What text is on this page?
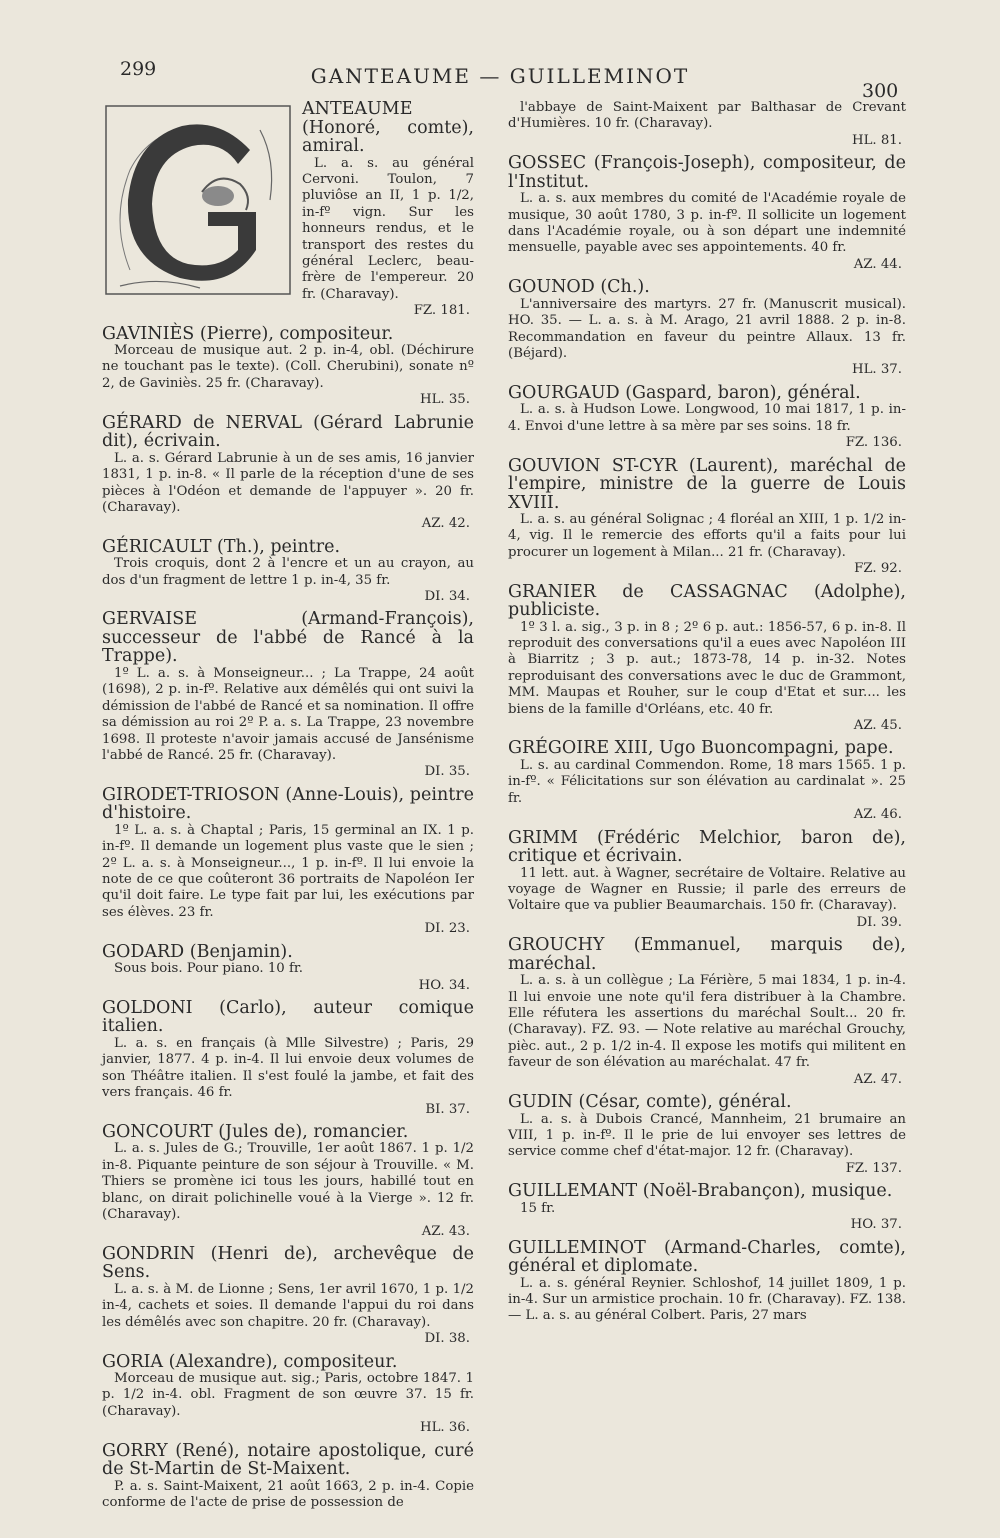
299	GANTEAUME — GUILLEMINOT
300
ANTEAUME (Honoré, comte), amiral.
L. a. s. au général Cervoni. Toulon, 7 pluviôse an II, 1 p. 1/2, in-fº vign. Sur les honneurs rendus, et le transport des restes du général Leclerc, beau-frère de l'empereur. 20 fr. (Charavay).
FZ. 181.
GAVINIÈS (Pierre), compositeur.
Morceau de musique aut. 2 p. in-4, obl. (Déchirure ne touchant pas le texte). (Coll. Cherubini), sonate nº 2, de Gaviniès. 25 fr. (Charavay).
HL. 35.
GÉRARD de NERVAL (Gérard Labrunie dit), écrivain.
L. a. s. Gérard Labrunie à un de ses amis, 16 janvier 1831, 1 p. in-8. « Il parle de la réception d'une de ses pièces à l'Odéon et demande de l'appuyer ». 20 fr. (Charavay).
AZ. 42.
GÉRICAULT (Th.), peintre.
Trois croquis, dont 2 à l'encre et un au crayon, au dos d'un fragment de lettre 1 p. in-4, 35 fr.
DI. 34.
GERVAISE (Armand-François), successeur de l'abbé de Rancé à la Trappe).
1º L. a. s. à Monseigneur... ; La Trappe, 24 août (1698), 2 p. in-fº. Relative aux démêlés qui ont suivi la démission de l'abbé de Rancé et sa nomination. Il offre sa démission au roi 2º P. a. s. La Trappe, 23 novembre 1698. Il proteste n'avoir jamais accusé de Jansénisme l'abbé de Rancé. 25 fr. (Charavay).
DI. 35.
GIRODET-TRIOSON (Anne-Louis), peintre d'histoire.
1º L. a. s. à Chaptal ; Paris, 15 germinal an IX. 1 p. in-fº. Il demande un logement plus vaste que le sien ; 2º L. a. s. à Monseigneur..., 1 p. in-fº. Il lui envoie la note de ce que coûteront 36 portraits de Napoléon Ier qu'il doit faire. Le type fait par lui, les exécutions par ses élèves. 23 fr.
DI. 23.
GODARD (Benjamin).
Sous bois. Pour piano. 10 fr.
HO. 34.
GOLDONI (Carlo), auteur comique italien.
L. a. s. en français (à Mlle Silvestre) ; Paris, 29 janvier, 1877. 4 p. in-4. Il lui envoie deux volumes de son Théâtre italien. Il s'est foulé la jambe, et fait des vers français. 46 fr.
BI. 37.
GONCOURT (Jules de), romancier.
L. a. s. Jules de G.; Trouville, 1er août 1867. 1 p. 1/2 in-8. Piquante peinture de son séjour à Trouville. « M. Thiers se promène ici tous les jours, habillé tout en blanc, on dirait polichinelle voué à la Vierge ». 12 fr. (Charavay).
AZ. 43.
GONDRIN (Henri de), archevêque de Sens.
L. a. s. à M. de Lionne ; Sens, 1er avril 1670, 1 p. 1/2 in-4, cachets et soies. Il demande l'appui du roi dans les démêlés avec son chapitre. 20 fr. (Charavay).
DI. 38.
GORIA (Alexandre), compositeur.
Morceau de musique aut. sig.; Paris, octobre 1847. 1 p. 1/2 in-4. obl. Fragment de son œuvre 37. 15 fr. (Charavay).
HL. 36.
GORRY (René), notaire apostolique, curé de St-Martin de St-Maixent.
P. a. s. Saint-Maixent, 21 août 1663, 2 p. in-4. Copie conforme de l'acte de prise de possession de
l'abbaye de Saint-Maixent par Balthasar de Crevant d'Humières. 10 fr. (Charavay).
HL. 81.
GOSSEC (François-Joseph), compositeur, de l'Institut.
L. a. s. aux membres du comité de l'Académie royale de musique, 30 août 1780, 3 p. in-fº. Il sollicite un logement dans l'Académie royale, ou à son départ une indemnité mensuelle, payable avec ses appointements. 40 fr.
AZ. 44.
GOUNOD (Ch.).
L'anniversaire des martyrs. 27 fr. (Manuscrit musical). HO. 35. — L. a. s. à M. Arago, 21 avril 1888. 2 p. in-8. Recommandation en faveur du peintre Allaux. 13 fr. (Béjard).
HL. 37.
GOURGAUD (Gaspard, baron), général.
L. a. s. à Hudson Lowe. Longwood, 10 mai 1817, 1 p. in-4. Envoi d'une lettre à sa mère par ses soins. 18 fr.
FZ. 136.
GOUVION ST-CYR (Laurent), maréchal de l'empire, ministre de la guerre de Louis XVIII.
L. a. s. au général Solignac ; 4 floréal an XIII, 1 p. 1/2 in-4, vig. Il le remercie des efforts qu'il a faits pour lui procurer un logement à Milan... 21 fr. (Charavay).
FZ. 92.
GRANIER de CASSAGNAC (Adolphe), publiciste.
1º 3 l. a. sig., 3 p. in 8 ; 2º 6 p. aut.: 1856-57, 6 p. in-8. Il reproduit des conversations qu'il a eues avec Napoléon III à Biarritz ; 3 p. aut.; 1873-78, 14 p. in-32. Notes reproduisant des conversations avec le duc de Grammont, MM. Maupas et Rouher, sur le coup d'Etat et sur.... les biens de la famille d'Orléans, etc. 40 fr.
AZ. 45.
GRÉGOIRE XIII, Ugo Buoncompagni, pape.
L. s. au cardinal Commendon. Rome, 18 mars 1565. 1 p. in-fº. « Félicitations sur son élévation au cardinalat ». 25 fr.
AZ. 46.
GRIMM (Frédéric Melchior, baron de), critique et écrivain.
11 lett. aut. à Wagner, secrétaire de Voltaire. Relative au voyage de Wagner en Russie; il parle des erreurs de Voltaire que va publier Beaumarchais. 150 fr. (Charavay).
DI. 39.
GROUCHY (Emmanuel, marquis de), maréchal.
L. a. s. à un collègue ; La Férière, 5 mai 1834, 1 p. in-4. Il lui envoie une note qu'il fera distribuer à la Chambre. Elle réfutera les assertions du maréchal Soult... 20 fr. (Charavay). FZ. 93. — Note relative au maréchal Grouchy, pièc. aut., 2 p. 1/2 in-4. Il expose les motifs qui militent en faveur de son élévation au maréchalat. 47 fr.
AZ. 47.
GUDIN (César, comte), général.
L. a. s. à Dubois Crancé, Mannheim, 21 brumaire an VIII, 1 p. in-fº. Il le prie de lui envoyer ses lettres de service comme chef d'état-major. 12 fr. (Charavay).
FZ. 137.
GUILLEMANT (Noël-Brabançon), musique.
15 fr.
HO. 37.
GUILLEMINOT (Armand-Charles, comte), général et diplomate.
L. a. s. général Reynier. Schloshof, 14 juillet 1809, 1 p. in-4. Sur un armistice prochain. 10 fr. (Charavay). FZ. 138. — L. a. s. au général Colbert. Paris, 27 mars
